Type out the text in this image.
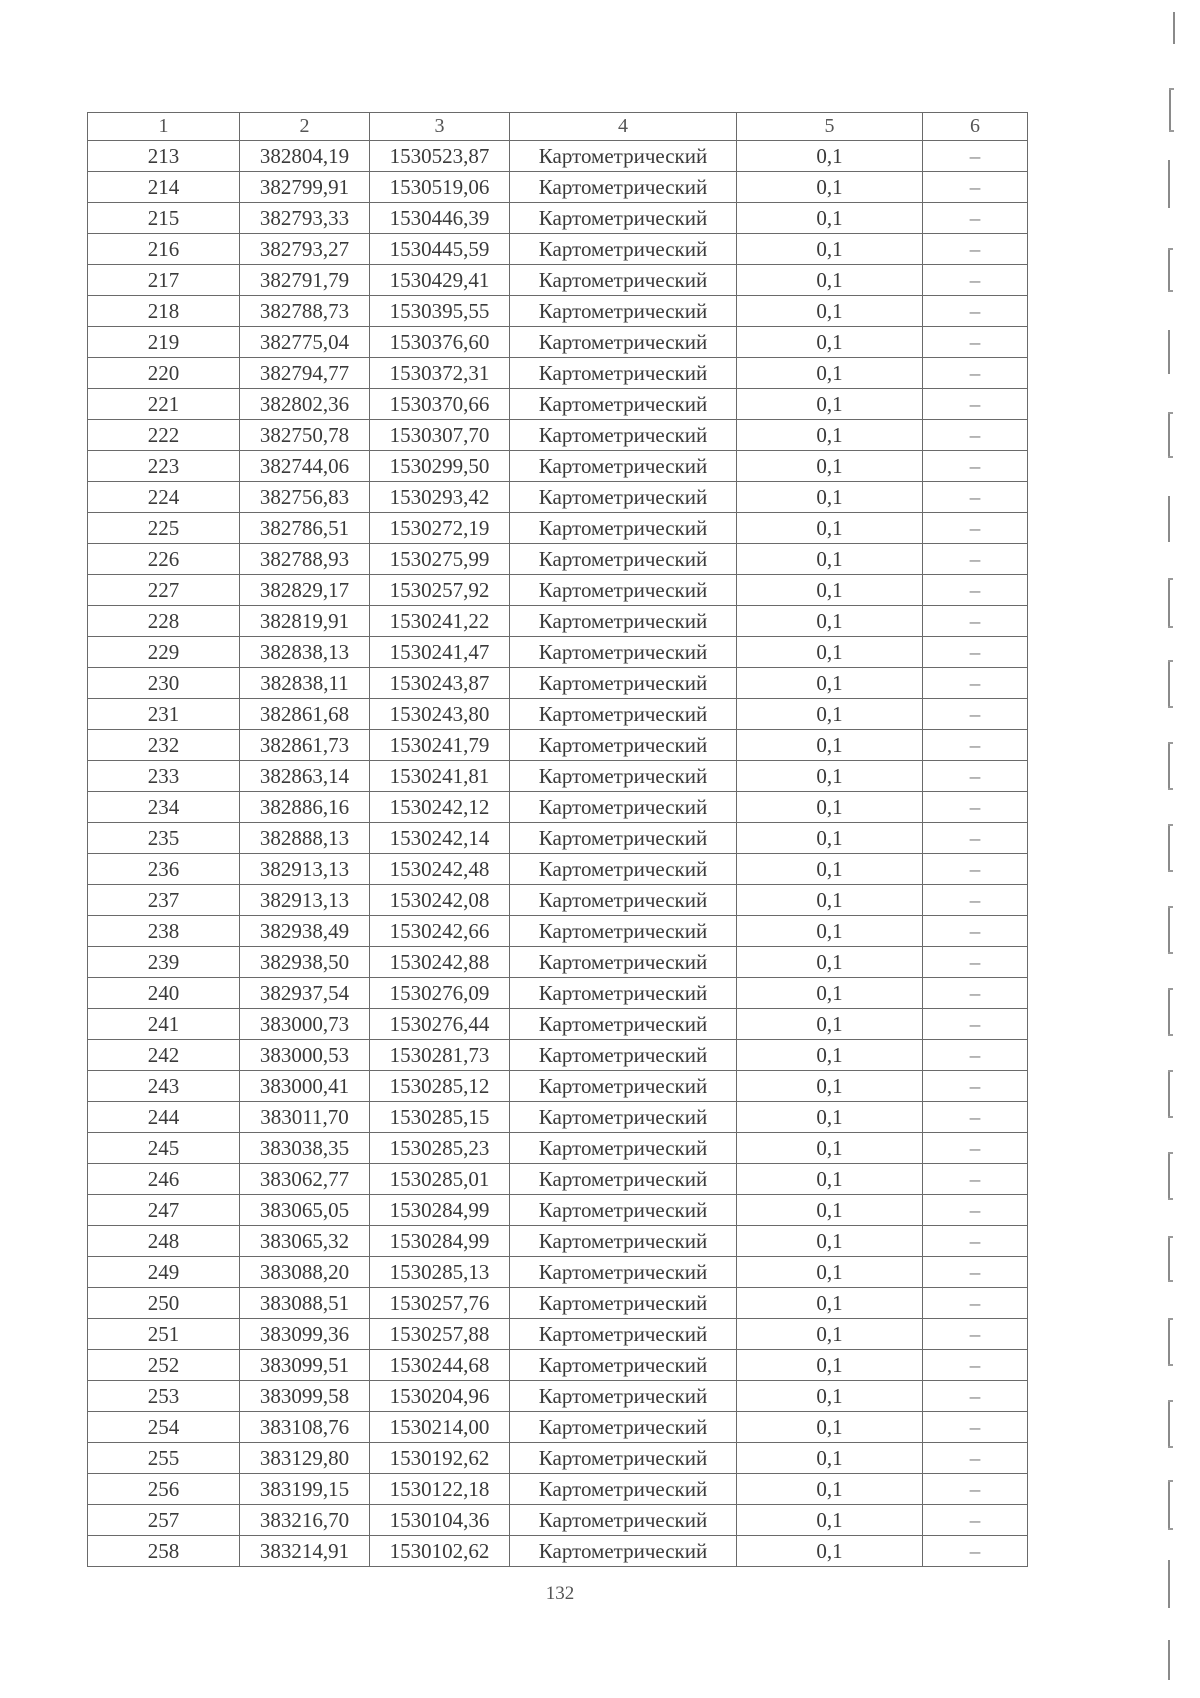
1	2	3	4	5	6
213	382804,19	1530523,87	Картометрический	0,1	–
214	382799,91	1530519,06	Картометрический	0,1	–
215	382793,33	1530446,39	Картометрический	0,1	–
216	382793,27	1530445,59	Картометрический	0,1	–
217	382791,79	1530429,41	Картометрический	0,1	–
218	382788,73	1530395,55	Картометрический	0,1	–
219	382775,04	1530376,60	Картометрический	0,1	–
220	382794,77	1530372,31	Картометрический	0,1	–
221	382802,36	1530370,66	Картометрический	0,1	–
222	382750,78	1530307,70	Картометрический	0,1	–
223	382744,06	1530299,50	Картометрический	0,1	–
224	382756,83	1530293,42	Картометрический	0,1	–
225	382786,51	1530272,19	Картометрический	0,1	–
226	382788,93	1530275,99	Картометрический	0,1	–
227	382829,17	1530257,92	Картометрический	0,1	–
228	382819,91	1530241,22	Картометрический	0,1	–
229	382838,13	1530241,47	Картометрический	0,1	–
230	382838,11	1530243,87	Картометрический	0,1	–
231	382861,68	1530243,80	Картометрический	0,1	–
232	382861,73	1530241,79	Картометрический	0,1	–
233	382863,14	1530241,81	Картометрический	0,1	–
234	382886,16	1530242,12	Картометрический	0,1	–
235	382888,13	1530242,14	Картометрический	0,1	–
236	382913,13	1530242,48	Картометрический	0,1	–
237	382913,13	1530242,08	Картометрический	0,1	–
238	382938,49	1530242,66	Картометрический	0,1	–
239	382938,50	1530242,88	Картометрический	0,1	–
240	382937,54	1530276,09	Картометрический	0,1	–
241	383000,73	1530276,44	Картометрический	0,1	–
242	383000,53	1530281,73	Картометрический	0,1	–
243	383000,41	1530285,12	Картометрический	0,1	–
244	383011,70	1530285,15	Картометрический	0,1	–
245	383038,35	1530285,23	Картометрический	0,1	–
246	383062,77	1530285,01	Картометрический	0,1	–
247	383065,05	1530284,99	Картометрический	0,1	–
248	383065,32	1530284,99	Картометрический	0,1	–
249	383088,20	1530285,13	Картометрический	0,1	–
250	383088,51	1530257,76	Картометрический	0,1	–
251	383099,36	1530257,88	Картометрический	0,1	–
252	383099,51	1530244,68	Картометрический	0,1	–
253	383099,58	1530204,96	Картометрический	0,1	–
254	383108,76	1530214,00	Картометрический	0,1	–
255	383129,80	1530192,62	Картометрический	0,1	–
256	383199,15	1530122,18	Картометрический	0,1	–
257	383216,70	1530104,36	Картометрический	0,1	–
258	383214,91	1530102,62	Картометрический	0,1	–
132
